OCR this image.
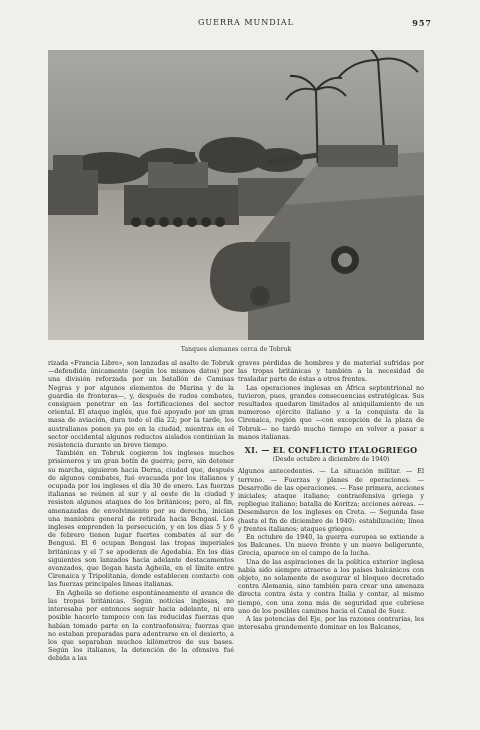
GUERRA MUNDIAL	957
Tanques alemanes cerca de Tobruk

rizada «Francia Libre», son lanzadas al asalto de Tobruk —defendida únicamente (según los mismos datos) por una división reforzada por un batallón de Camisas Negras y por algunos elementos de Marina y de la guardia de fronteras—, y, después de rudos combates, consiguen penetrar en las fortificaciones del sector oriental. El ataque inglés, que fué apoyado por un gran masa de aviación, dura todo el día 22; por la tarde, los australianos ponen ya pie en la ciudad, mientras en el sector occidental algunos reductos aislados continúan la resistencia durante un breve tiempo.

También en Tobruk cogieron los ingleses muchos prisioneros y un gran botín de guerra; pero, sin detener su marcha, siguieron hacia Derna, ciudad que, después de algunos combates, fué evacuada por los italianos y ocupada por los ingleses el día 30 de enero. Las fuerzas italianas se reúnen al sur y al oeste de la ciudad y resisten algunos ataques de los británicos; pero, al fin, amenazadas de envolvimiento por su derecha, inician una maniobra general de retirada hacia Bengasi. Los ingleses emprenden la persecución, y en los días 5 y 6 de febrero tienen lugar fuertes combates al sur de Bengusi. El 6 ocupan Bengasi las tropas imperiales británicas y el 7 se apoderan de Agedabia. En los días siguientes son lanzados hacia adelante destacamentos avanzados, que llegan hasta Agheila, en el límite entre Cirenaica y Tripolitania, donde establecen contacto con las fuerzas principales lineas italianas.

En Agheila se detiene espontáneamente el avance de las tropas británicas. Según noticias inglesas, no interesaba por entonces seguir hacia adelante, ni era posible hacerlo tampoco con las reducidas fuerzas que habían tomado parte en la contraofensiva; fuerzas que no estaban preparadas para adentrarse en el desierto, a los que separaban muchos kilómetros de sus bases. Según los italianos, la detención de la ofensiva fué debida a las

graves pérdidas de hombres y de material sufridas por las tropas británicas y también a la necesidad de trasladar parte de éstas a otros frentes.

Las operaciones inglesas en África septentrional no tuvieron, pues, grandes consecuencias estratégicas. Sus resultados quedaron limitados al aniquilamiento de un numeroso ejército italiano y a la conquista de la Cirenaica, región que —con excepción de la plaza de Tobruk— no tardó mucho tiempo en volver a pasar a manos italianas.

XI. — EL CONFLICTO ITALOGRIEGO
(Desde octubre a diciembre de 1940)

Algunos antecedentes. — La situación militar. — El terreno. — Fuerzas y planes de operaciones. — Desarrollo de las operaciones. — Fase primera, acciones iniciales; ataque italiano; contraofensiva griega y repliegue italiano; batalla de Koritza; acciones aéreas. — Desembarco de los ingleses en Creta. — Segunda fase (hasta el fin de diciembre de 1940): estabilización; línea y frentes italianos; ataques griegos.

En octubre de 1940, la guerra europea se extiende a los Balcanes. Un nuevo frente y un nuevo beligerante, Grecia, aparece en el campo de la lucha.

Una de las aspiraciones de la política exterior inglesa había sido siempre atraerse a los países balcánicos con objeto, no solamente de asegurar el bloqueo decretado contra Alemania, sino también para crear una amenaza directa contra ésta y contra Italia y contar, al mismo tiempo, con una zona más de seguridad que cubriese uno de los posibles caminos hacia el Canal de Suez.

A las potencias del Eje, por las razones contrarias, les interesaba grandemente dominar en los Balcanes,
